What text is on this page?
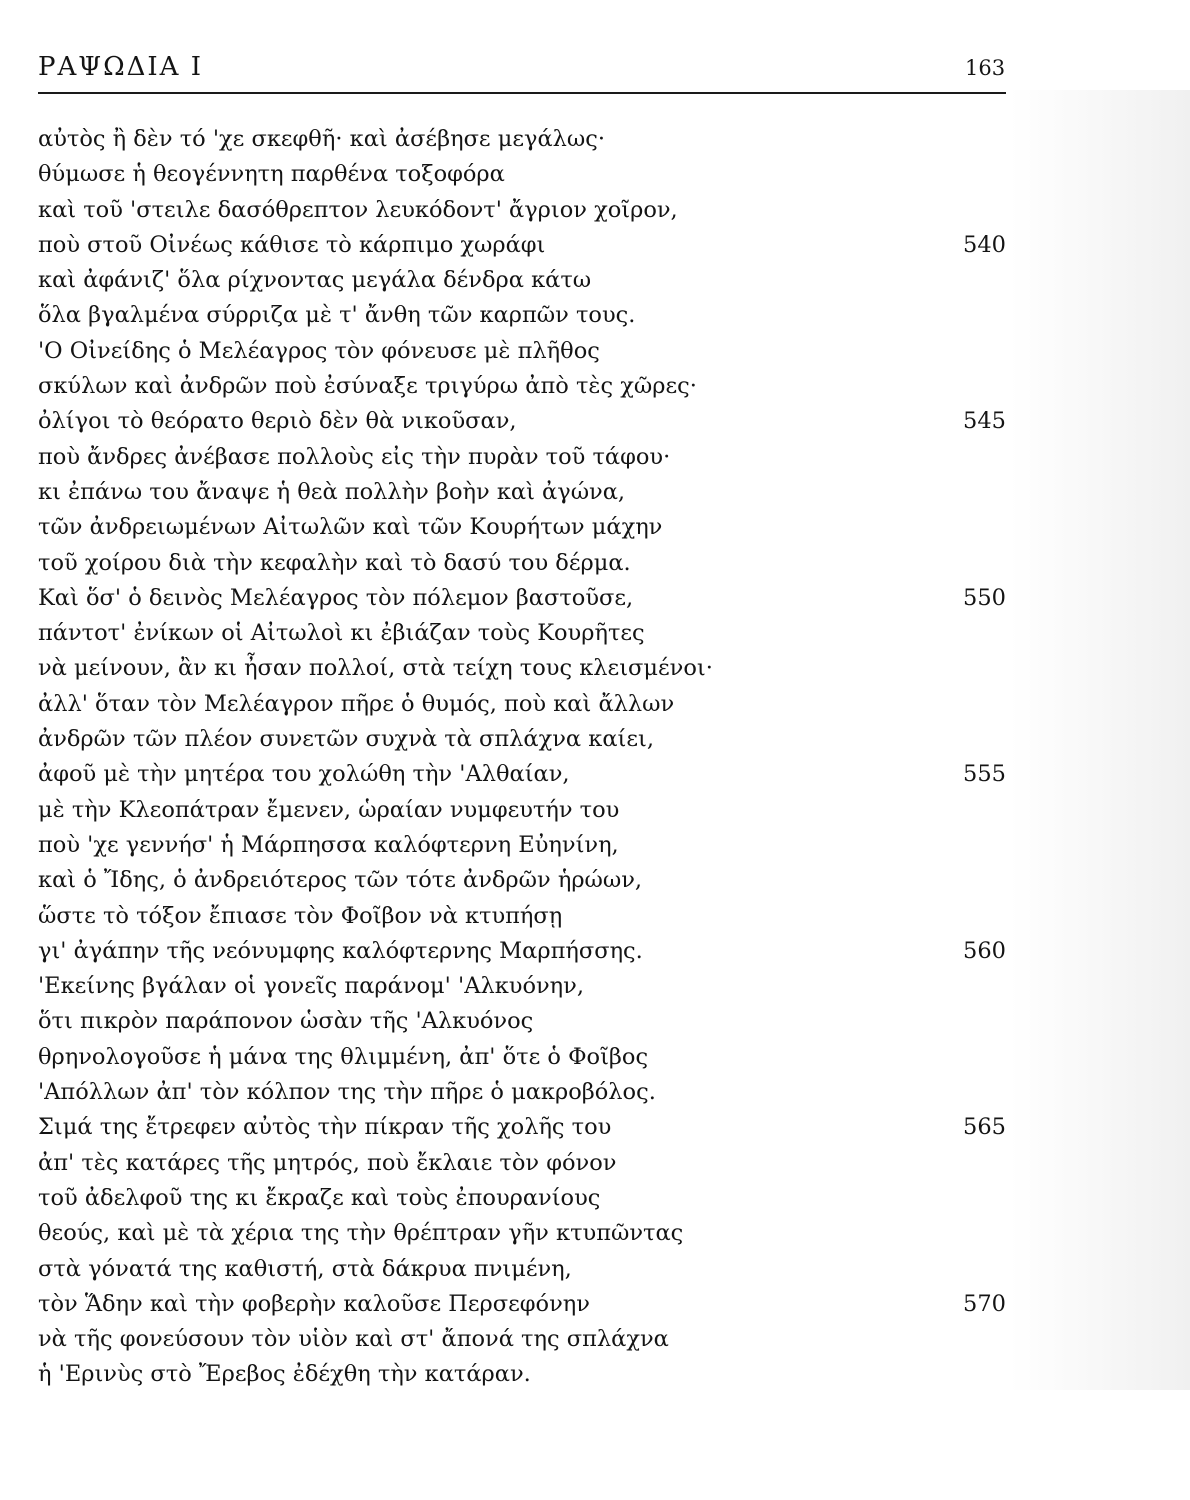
ΡΑΨΩΔΙΑ Ι	163
αὐτὸς ἢ δὲν τό 'χε σκεφθῆ· καὶ ἀσέβησε μεγάλως·
θύμωσε ἡ θεογέννητη παρθένα τοξοφόρα
καὶ τοῦ 'στειλε δασόθρεπτον λευκόδοντ' ἄγριον χοῖρον,
ποὺ στοῦ Οἰνέως κάθισε τὸ κάρπιμο χωράφι	540
καὶ ἀφάνιζ' ὅλα ρίχνοντας μεγάλα δένδρα κάτω
ὅλα βγαλμένα σύρριζα μὲ τ' ἄνθη τῶν καρπῶν τους.
'Ο Οἰνείδης ὁ Μελέαγρος τὸν φόνευσε μὲ πλῆθος
σκύλων καὶ ἀνδρῶν ποὺ ἐσύναξε τριγύρω ἀπὸ τὲς χῶρες·
ὀλίγοι τὸ θεόρατο θεριὸ δὲν θὰ νικοῦσαν,	545
ποὺ ἄνδρες ἀνέβασε πολλοὺς εἰς τὴν πυρὰν τοῦ τάφου·
κι ἐπάνω του ἄναψε ἡ θεὰ πολλὴν βοὴν καὶ ἀγώνα,
τῶν ἀνδρειωμένων Αἰτωλῶν καὶ τῶν Κουρήτων μάχην
τοῦ χοίρου διὰ τὴν κεφαλὴν καὶ τὸ δασύ του δέρμα.
Καὶ ὅσ' ὁ δεινὸς Μελέαγρος τὸν πόλεμον βαστοῦσε,	550
πάντοτ' ἐνίκων οἱ Αἰτωλοὶ κι ἐβιάζαν τοὺς Κουρῆτες
νὰ μείνουν, ἂν κι ἦσαν πολλοί, στὰ τείχη τους κλεισμένοι·
ἀλλ' ὅταν τὸν Μελέαγρον πῆρε ὁ θυμός, ποὺ καὶ ἄλλων
ἀνδρῶν τῶν πλέον συνετῶν συχνὰ τὰ σπλάχνα καίει,
ἀφοῦ μὲ τὴν μητέρα του χολώθη τὴν 'Αλθαίαν,	555
μὲ τὴν Κλεοπάτραν ἔμενεν, ὡραίαν νυμφευτήν του
ποὺ 'χε γεννήσ' ἡ Μάρπησσα καλόφτερνη Εὐηνίνη,
καὶ ὁ Ἴδης, ὁ ἀνδρειότερος τῶν τότε ἀνδρῶν ἡρώων,
ὥστε τὸ τόξον ἔπιασε τὸν Φοῖβον νὰ κτυπήσῃ
γι' ἀγάπην τῆς νεόνυμφης καλόφτερνης Μαρπήσσης.	560
'Εκείνης βγάλαν οἱ γονεῖς παράνομ' 'Αλκυόνην,
ὅτι πικρὸν παράπονον ὡσὰν τῆς 'Αλκυόνος
θρηνολογοῦσε ἡ μάνα της θλιμμένη, ἀπ' ὅτε ὁ Φοῖβος
'Απόλλων ἀπ' τὸν κόλπον της τὴν πῆρε ὁ μακροβόλος.
Σιμά της ἔτρεφεν αὐτὸς τὴν πίκραν τῆς χολῆς του	565
ἀπ' τὲς κατάρες τῆς μητρός, ποὺ ἔκλαιε τὸν φόνον
τοῦ ἀδελφοῦ της κι ἔκραζε καὶ τοὺς ἐπουρανίους
θεούς, καὶ μὲ τὰ χέρια της τὴν θρέπτραν γῆν κτυπῶντας
στὰ γόνατά της καθιστή, στὰ δάκρυα πνιμένη,
τὸν Ἅδην καὶ τὴν φοβερὴν καλοῦσε Περσεφόνην	570
νὰ τῆς φονεύσουν τὸν υἱὸν καὶ στ' ἄπονά της σπλάχνα
ἡ 'Ερινὺς στὸ Ἔρεβος ἐδέχθη τὴν κατάραν.
